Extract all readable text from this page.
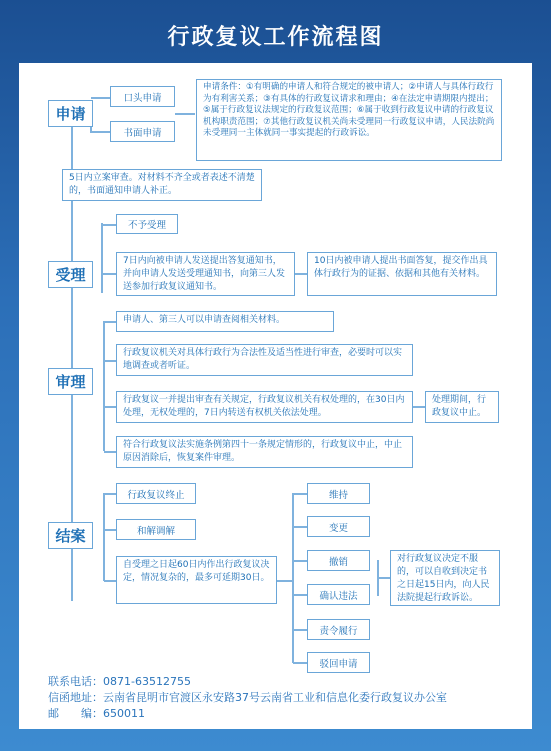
行政复议工作流程图
申请
口头申请
书面申请
申请条件：①有明确的申请人和符合规定的被申请人；②申请人与具体行政行为有利害关系；③有具体的行政复议请求和理由；④在法定申请期限内提出；⑤属于行政复议法规定的行政复议范围；⑥属于收到行政复议申请的行政复议机构职责范围；⑦其他行政复议机关尚未受理同一行政复议申请，人民法院尚未受理同一主体就同一事实提起的行政诉讼。
5日内立案审查。对材料不齐全或者表述不清楚的，书面通知申请人补正。
不予受理
受理
7日内向被申请人发送提出答复通知书，并向申请人发送受理通知书，向第三人发送参加行政复议通知书。
10日内被申请人提出书面答复，提交作出具体行政行为的证据、依据和其他有关材料。
申请人、第三人可以申请查阅相关材料。
审理
行政复议机关对具体行政行为合法性及适当性进行审查，必要时可以实地调查或者听证。
行政复议一并提出审查有关规定，行政复议机关有权处理的，在30日内处理，无权处理的，7日内转送有权机关依法处理。
处理期间，行政复议中止。
符合行政复议法实施条例第四十一条规定情形的，行政复议中止，中止原因消除后，恢复案件审理。
行政复议终止
结案	和解调解
自受理之日起60日内作出行政复议决定，情况复杂的，最多可延期30日。
维持
变更
撤销
确认违法
责令履行
驳回申请
对行政复议决定不服的，可以自收到决定书之日起15日内，向人民法院提起行政诉讼。
联系电话：0871-63512755
信函地址：云南省昆明市官渡区永安路37号云南省工业和信息化委行政复议办公室
邮　　编：650011
